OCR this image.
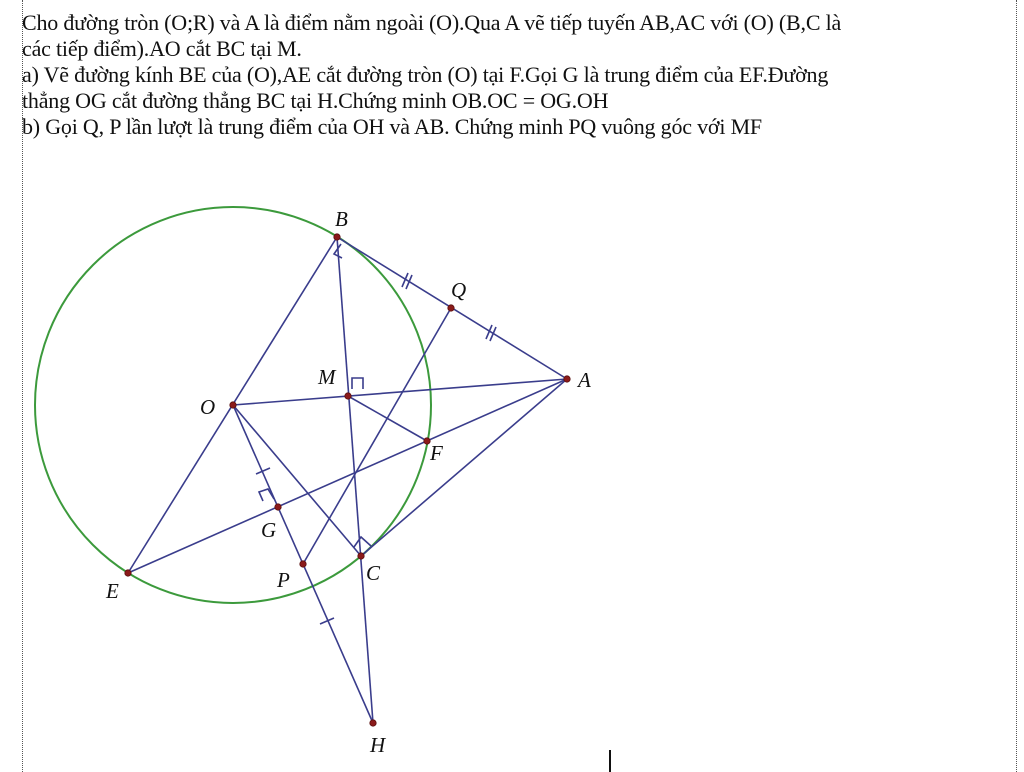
Cho đường tròn (O;R) và A là điểm nằm ngoài (O).Qua A vẽ tiếp tuyến AB,AC với (O) (B,C là
các tiếp điểm).AO cắt BC tại M.
a) Vẽ đường kính BE của (O),AE cắt đường tròn (O) tại F.Gọi G là trung điểm của EF.Đường
thẳng OG cắt đường thẳng BC tại H.Chứng minh OB.OC = OG.OH
b) Gọi Q, P lần lượt là trung điểm của OH và AB. Chứng minh PQ vuông góc với MF
B
Q
A
M
O
F
G
E	P	C
H
